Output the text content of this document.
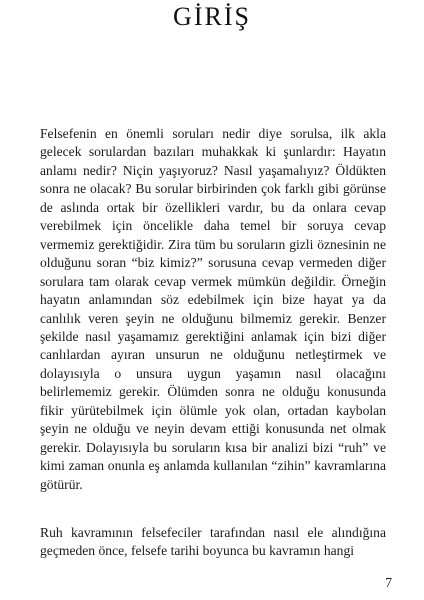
GİRİŞ

Felsefenin en önemli soruları nedir diye sorulsa, ilk akla gelecek sorulardan bazıları muhakkak ki şunlardır: Hayatın anlamı nedir? Niçin yaşıyoruz? Nasıl yaşamalıyız? Öldükten sonra ne olacak? Bu sorular birbirinden çok farklı gibi görünse de aslında ortak bir özellikleri vardır, bu da onlara cevap verebilmek için öncelikle daha temel bir soruya cevap vermemiz gerektiğidir. Zira tüm bu soruların gizli öznesinin ne olduğunu soran “biz kimiz?” sorusuna cevap vermeden diğer sorulara tam olarak cevap vermek mümkün değildir. Örneğin hayatın anlamından söz edebilmek için bize hayat ya da canlılık veren şeyin ne olduğunu bilmemiz gerekir. Benzer şekilde nasıl yaşamamız gerektiğini anlamak için bizi diğer canlılardan ayıran unsurun ne olduğunu netleştirmek ve dolayısıyla o unsura uygun yaşamın nasıl olacağını belirlememiz gerekir. Ölümden sonra ne olduğu konusunda fikir yürütebilmek için ölümle yok olan, ortadan kaybolan şeyin ne olduğu ve neyin devam ettiği konusunda net olmak gerekir. Dolayısıyla bu soruların kısa bir analizi bizi “ruh” ve kimi zaman onunla eş anlamda kullanılan “zihin” kavramlarına götürür.

Ruh kavramının felsefeciler tarafından nasıl ele alındığına geçmeden önce, felsefe tarihi boyunca bu kavramın hangi

7
